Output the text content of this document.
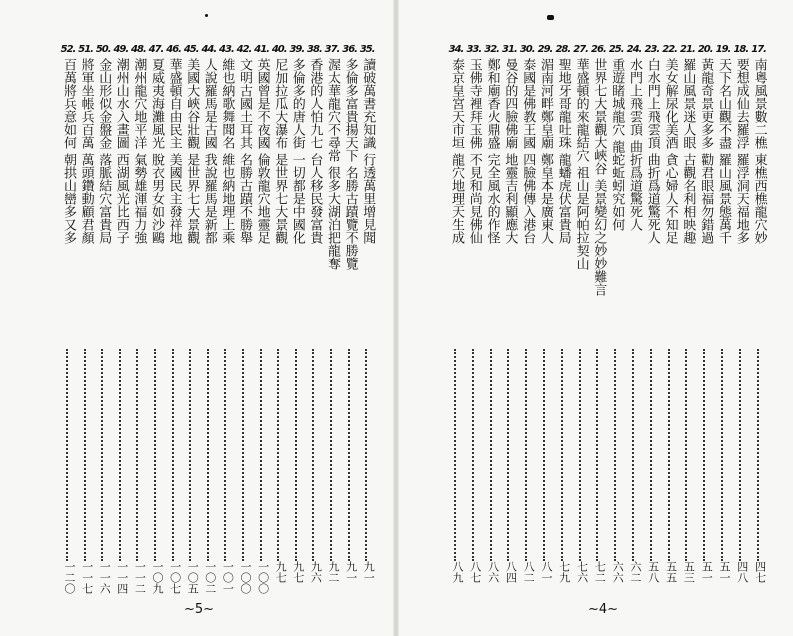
52.
百萬將兵意如何朝拱山巒多又多
一二〇
51.
將軍坐帳兵百萬萬頭鑽動顧君顏
一一七
50.
金山形似金盤金落脈結穴富貴局
一一六
49.
潮州山水入畫圖西湖風光比西子
一一四
48.
潮州龍穴地平洋氣勢雄渾福力強
一一二
47.
夏威夷海灘風光脫衣男女如沙鷗
一〇九
46.
華盛頓自由民主美國民主發祥地
一〇七
45.
美國大峽谷壯觀是世界七大景觀
一〇五
44.
人說羅馬是古國我說羅馬是新都
一〇二
43.
維也納歌舞聞名維也納地理上乘
一〇一
42.
文明古國土耳其名勝古蹟不勝舉
一〇〇
41.
英國曾是不夜國倫敦龍穴地靈足
一〇〇
40.
尼加拉瓜大瀑布是世界七大景觀
九七
39.
多倫多的唐人街一切都是中國化
九七
38.
香港的人怕九七台人移民發富貴
九六
37.
渥太華龍穴不尋常很多大湖泊把龍奪
九二
36.
多倫多富貴揚天下名勝古蹟覽不勝覽
九一
35.
讀破萬書充知識行透萬里增見聞
九一
34.
泰京皇宮天市垣龍穴地理天生成
八九
33.
玉佛寺裡拜玉佛不見和尚見佛仙
八七
32.
鄭和廟香火鼎盛完全風水的作怪
八六
31.
曼谷的四臉佛廟地靈吉利顯應大
八四
30.
泰國是佛教王國四臉佛傳入港台
八二
29.
湄南河畔鄭皇廟鄭皇本是廣東人
八一
28.
聖地牙哥龍吐珠龍蟠虎伏富貴局
七九
27.
華盛頓的來龍結穴祖山是阿帕拉契山
七六
26.
世界七大景觀大峽谷美景變幻之妙妙難言
七二
25.
重遊睹城龍穴龍蛇蚯蚓究如何
六六
24.
水門上飛雲頂曲折爲道驚死人
六二
23.
白水門上飛雲頂曲折爲道驚死人
五八
22.
美女解尿化美酒貪心婦人不知足
五五
21.
羅山風景迷人眼古觀名利相映趣
五三
20.
黃龍奇景更多多勸君眼福勿錯過
五一
19.
天下名山觀不盡羅山風景態萬千
五一
18.
要想成仙去羅浮羅浮洞天福地多
四八
17.
南粵風景數二樵東樵西樵龍穴妙
四七
~5~	~4~
